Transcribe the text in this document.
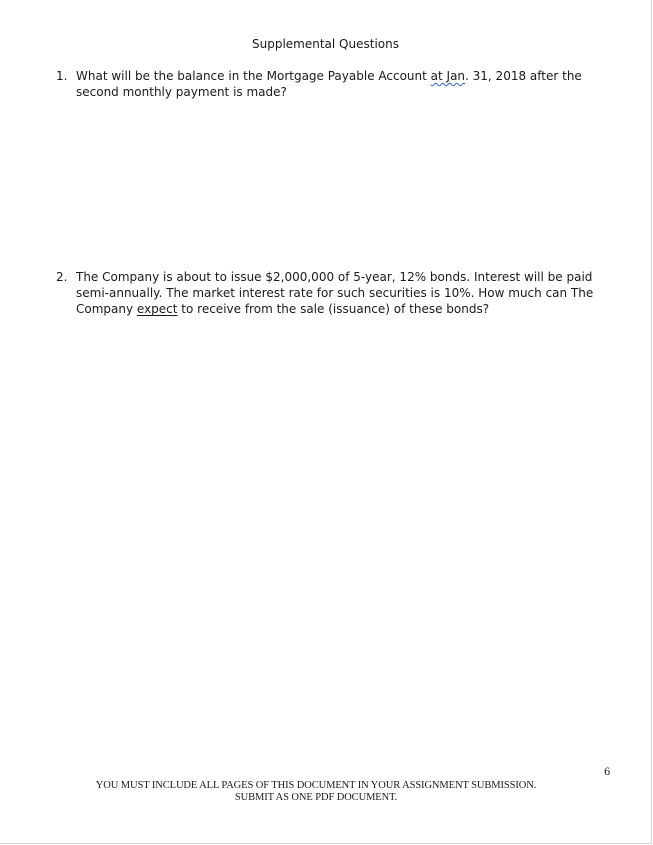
Supplemental Questions
1. What will be the balance in the Mortgage Payable Account at Jan. 31, 2018 after the second monthly payment is made?
2. The Company is about to issue $2,000,000 of 5-year, 12% bonds. Interest will be paid semi-annually. The market interest rate for such securities is 10%. How much can The Company expect to receive from the sale (issuance) of these bonds?
6
YOU MUST INCLUDE ALL PAGES OF THIS DOCUMENT IN YOUR ASSIGNMENT SUBMISSION.
SUBMIT AS ONE PDF DOCUMENT.
